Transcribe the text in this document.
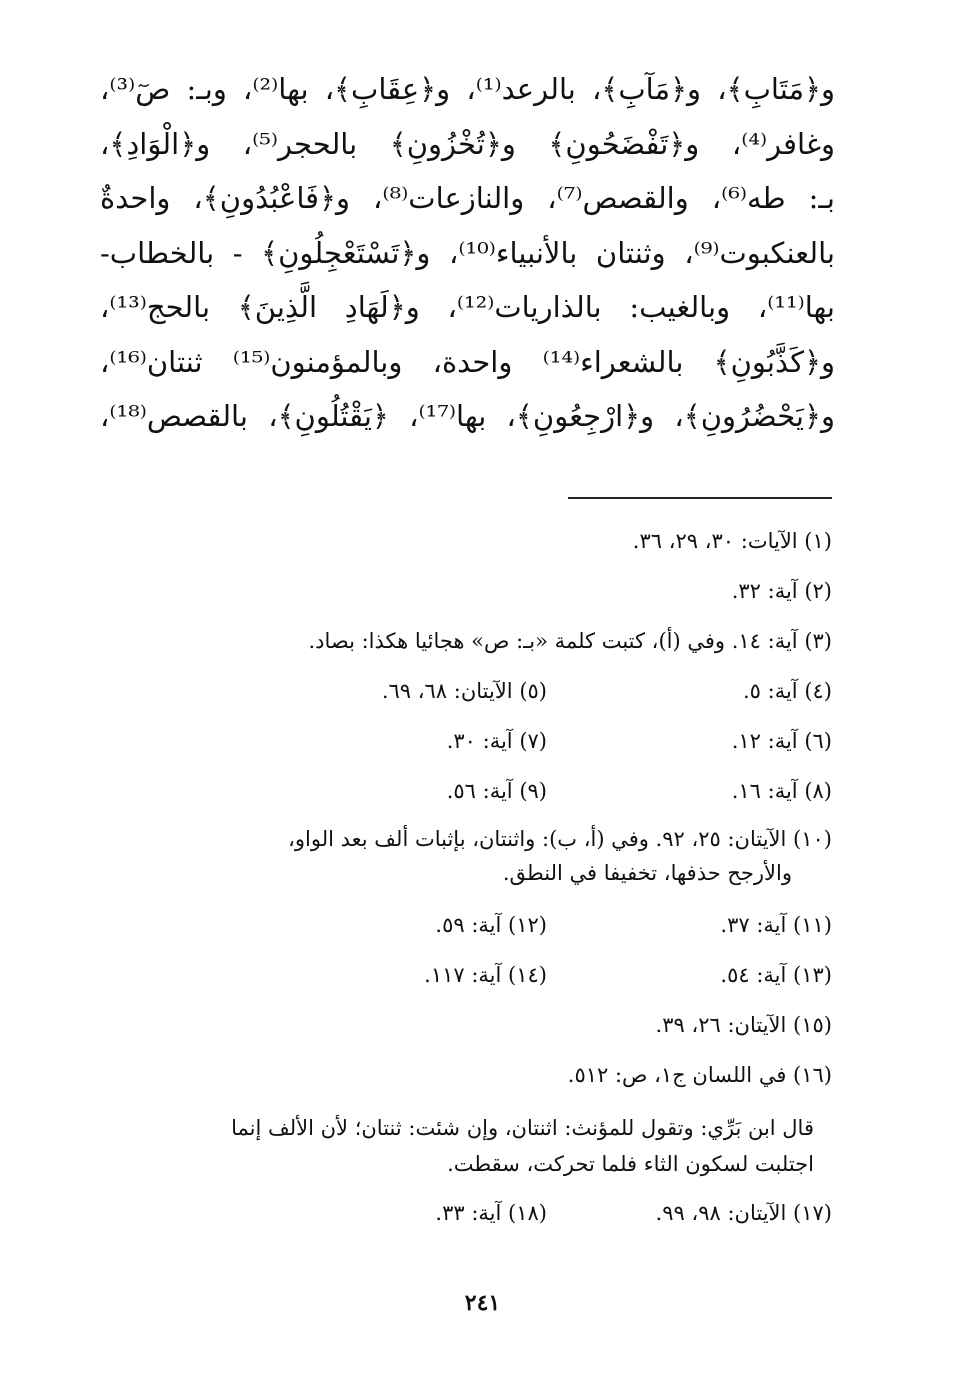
و﴿مَتَابِ﴾، و﴿مَآبِ﴾، بالرعد⁽¹⁾، و﴿عِقَابِ﴾، بها⁽²⁾، وبـ: صٓ⁽³⁾،
وغافر⁽⁴⁾، و﴿تَفْضَحُونِ﴾ و﴿تُخْزُونِ﴾ بالحجر⁽⁵⁾، و﴿الْوَادِ﴾،
بـ: طه⁽⁶⁾، والقصص⁽⁷⁾، والنازعات⁽⁸⁾، و﴿فَاعْبُدُونِ﴾، واحدةٌ
بالعنكبوت⁽⁹⁾، وثنتان بالأنبياء⁽¹⁰⁾، و﴿تَسْتَعْجِلُونِ﴾ - بالخطاب-
بها⁽¹¹⁾، وبالغيب: بالذاريات⁽¹²⁾، و﴿لَهَادِ الَّذِينَ﴾ بالحج⁽¹³⁾،
و﴿كَذَّبُونِ﴾ بالشعراء⁽¹⁴⁾ واحدة، وبالمؤمنون⁽¹⁵⁾ ثنتان⁽¹⁶⁾،
و﴿يَحْضُرُونِ﴾، و﴿ارْجِعُونِ﴾، بها⁽¹⁷⁾، ﴿يَقْتُلُونِ﴾، بالقصص⁽¹⁸⁾،
(١) الآيات: ٣٠، ٢٩، ٣٦.
(٢) آية: ٣٢.
(٣) آية: ١٤. وفي (أ)، كتبت كلمة «بـ: ص» هجائيا هكذا: بصاد.
(٤) آية: ٥.
(٥) الآيتان: ٦٨، ٦٩.
(٦) آية: ١٢.
(٧) آية: ٣٠.
(٨) آية: ١٦.
(٩) آية: ٥٦.
(١٠) الآيتان: ٢٥، ٩٢. وفي (أ، ب): واثنتان، بإثبات ألف بعد الواو،
والأرجح حذفها، تخفيفا في النطق.
(١١) آية: ٣٧.
(١٢) آية: ٥٩.
(١٣) آية: ٥٤.
(١٤) آية: ١١٧.
(١٥) الآيتان: ٢٦، ٣٩.
(١٦) في اللسان ج١، ص: ٥١٢.
قال ابن بَرِّي: وتقول للمؤنث: اثنتان، وإن شئت: ثنتان؛ لأن الألف إنما
اجتلبت لسكون الثاء فلما تحركت، سقطت.
(١٧) الآيتان: ٩٨، ٩٩.
(١٨) آية: ٣٣.
٢٤١
